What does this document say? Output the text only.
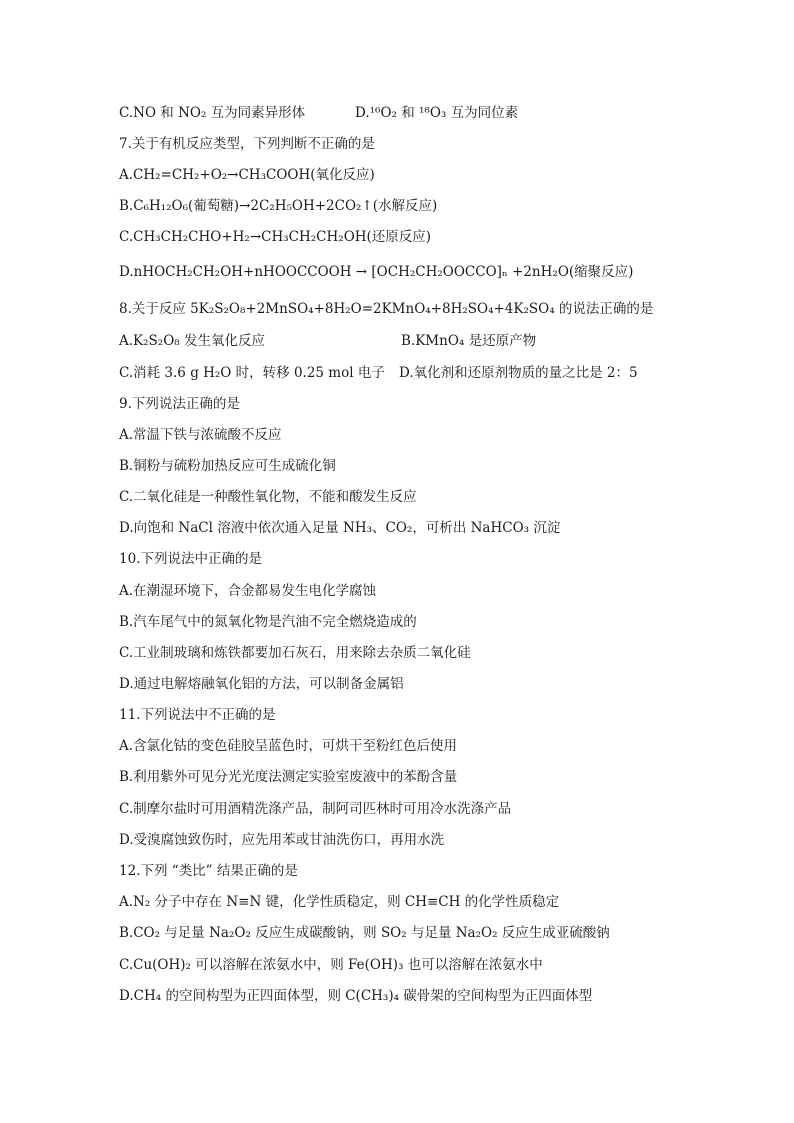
C.NO 和 NO₂ 互为同素异形体	D.¹⁶O₂ 和 ¹⁸O₃ 互为同位素
7.关于有机反应类型，下列判断不正确的是
A.CH₂=CH₂+O₂→CH₃COOH(氧化反应)
B.C₆H₁₂O₆(葡萄糖)→2C₂H₅OH+2CO₂↑(水解反应)
C.CH₃CH₂CHO+H₂→CH₃CH₂CH₂OH(还原反应)
D.nHOCH₂CH₂OH+nHOOCCOOH → [OCH₂CH₂OOCCO]ₙ +2nH₂O(缩聚反应)
8.关于反应 5K₂S₂O₈+2MnSO₄+8H₂O=2KMnO₄+8H₂SO₄+4K₂SO₄ 的说法正确的是
A.K₂S₂O₈ 发生氧化反应	B.KMnO₄ 是还原产物
C.消耗 3.6 g H₂O 时，转移 0.25 mol 电子 D.氧化剂和还原剂物质的量之比是 2：5
9.下列说法正确的是
A.常温下铁与浓硫酸不反应
B.铜粉与硫粉加热反应可生成硫化铜
C.二氧化硅是一种酸性氧化物，不能和酸发生反应
D.向饱和 NaCl 溶液中依次通入足量 NH₃、CO₂，可析出 NaHCO₃ 沉淀
10.下列说法中正确的是
A.在潮湿环境下，合金都易发生电化学腐蚀
B.汽车尾气中的氮氧化物是汽油不完全燃烧造成的
C.工业制玻璃和炼铁都要加石灰石，用来除去杂质二氧化硅
D.通过电解熔融氧化铝的方法，可以制备金属铝
11.下列说法中不正确的是
A.含氯化钴的变色硅胶呈蓝色时，可烘干至粉红色后使用
B.利用紫外可见分光光度法测定实验室废液中的苯酚含量
C.制摩尔盐时可用酒精洗涤产品，制阿司匹林时可用冷水洗涤产品
D.受溴腐蚀致伤时，应先用苯或甘油洗伤口，再用水洗
12.下列 “类比” 结果正确的是
A.N₂ 分子中存在 N≡N 键，化学性质稳定，则 CH≡CH 的化学性质稳定
B.CO₂ 与足量 Na₂O₂ 反应生成碳酸钠，则 SO₂ 与足量 Na₂O₂ 反应生成亚硫酸钠
C.Cu(OH)₂ 可以溶解在浓氨水中，则 Fe(OH)₃ 也可以溶解在浓氨水中
D.CH₄ 的空间构型为正四面体型，则 C(CH₃)₄ 碳骨架的空间构型为正四面体型
